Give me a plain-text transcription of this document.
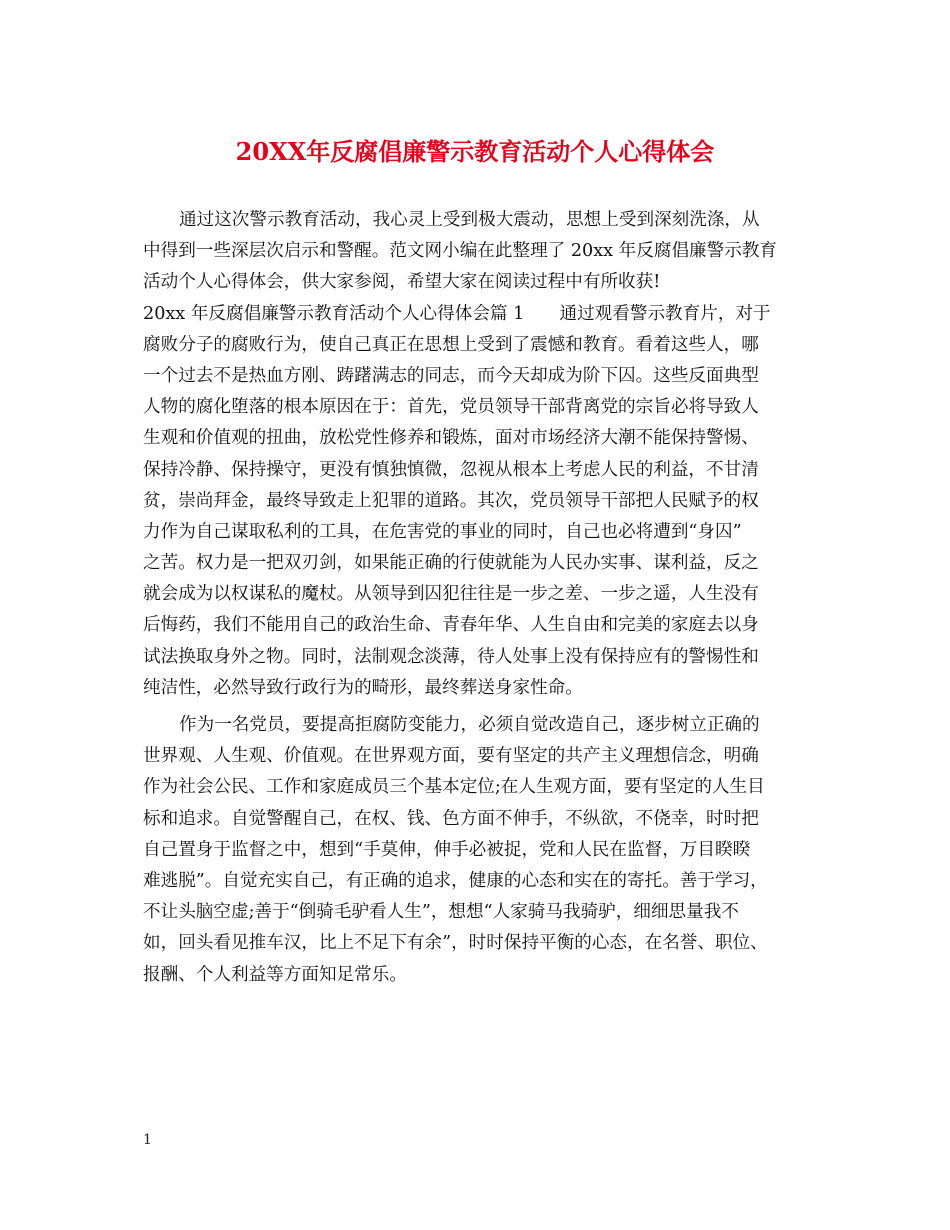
20XX年反腐倡廉警示教育活动个人心得体会
通过这次警示教育活动，我心灵上受到极大震动，思想上受到深刻洗涤，从
中得到一些深层次启示和警醒。范文网小编在此整理了 20xx 年反腐倡廉警示教育
活动个人心得体会，供大家参阅，希望大家在阅读过程中有所收获!
20xx 年反腐倡廉警示教育活动个人心得体会篇 1　　通过观看警示教育片，对于
腐败分子的腐败行为，使自己真正在思想上受到了震憾和教育。看着这些人，哪
一个过去不是热血方刚、踌躇满志的同志，而今天却成为阶下囚。这些反面典型
人物的腐化堕落的根本原因在于：首先，党员领导干部背离党的宗旨必将导致人
生观和价值观的扭曲，放松党性修养和锻炼，面对市场经济大潮不能保持警惕、
保持冷静、保持操守，更没有慎独慎微，忽视从根本上考虑人民的利益，不甘清
贫，崇尚拜金，最终导致走上犯罪的道路。其次，党员领导干部把人民赋予的权
力作为自己谋取私利的工具，在危害党的事业的同时，自己也必将遭到“身囚”
之苦。权力是一把双刃剑，如果能正确的行使就能为人民办实事、谋利益，反之
就会成为以权谋私的魔杖。从领导到囚犯往往是一步之差、一步之遥，人生没有
后悔药，我们不能用自己的政治生命、青春年华、人生自由和完美的家庭去以身
试法换取身外之物。同时，法制观念淡薄，待人处事上没有保持应有的警惕性和
纯洁性，必然导致行政行为的畸形，最终葬送身家性命。
作为一名党员，要提高拒腐防变能力，必须自觉改造自己，逐步树立正确的
世界观、人生观、价值观。在世界观方面，要有坚定的共产主义理想信念，明确
作为社会公民、工作和家庭成员三个基本定位;在人生观方面，要有坚定的人生目
标和追求。自觉警醒自己，在权、钱、色方面不伸手，不纵欲，不侥幸，时时把
自己置身于监督之中，想到“手莫伸，伸手必被捉，党和人民在监督，万目睽睽
难逃脱”。自觉充实自己，有正确的追求，健康的心态和实在的寄托。善于学习，
不让头脑空虚;善于“倒骑毛驴看人生”，想想“人家骑马我骑驴，细细思量我不
如，回头看见推车汉，比上不足下有余”，时时保持平衡的心态，在名誉、职位、
报酬、个人利益等方面知足常乐。
1
